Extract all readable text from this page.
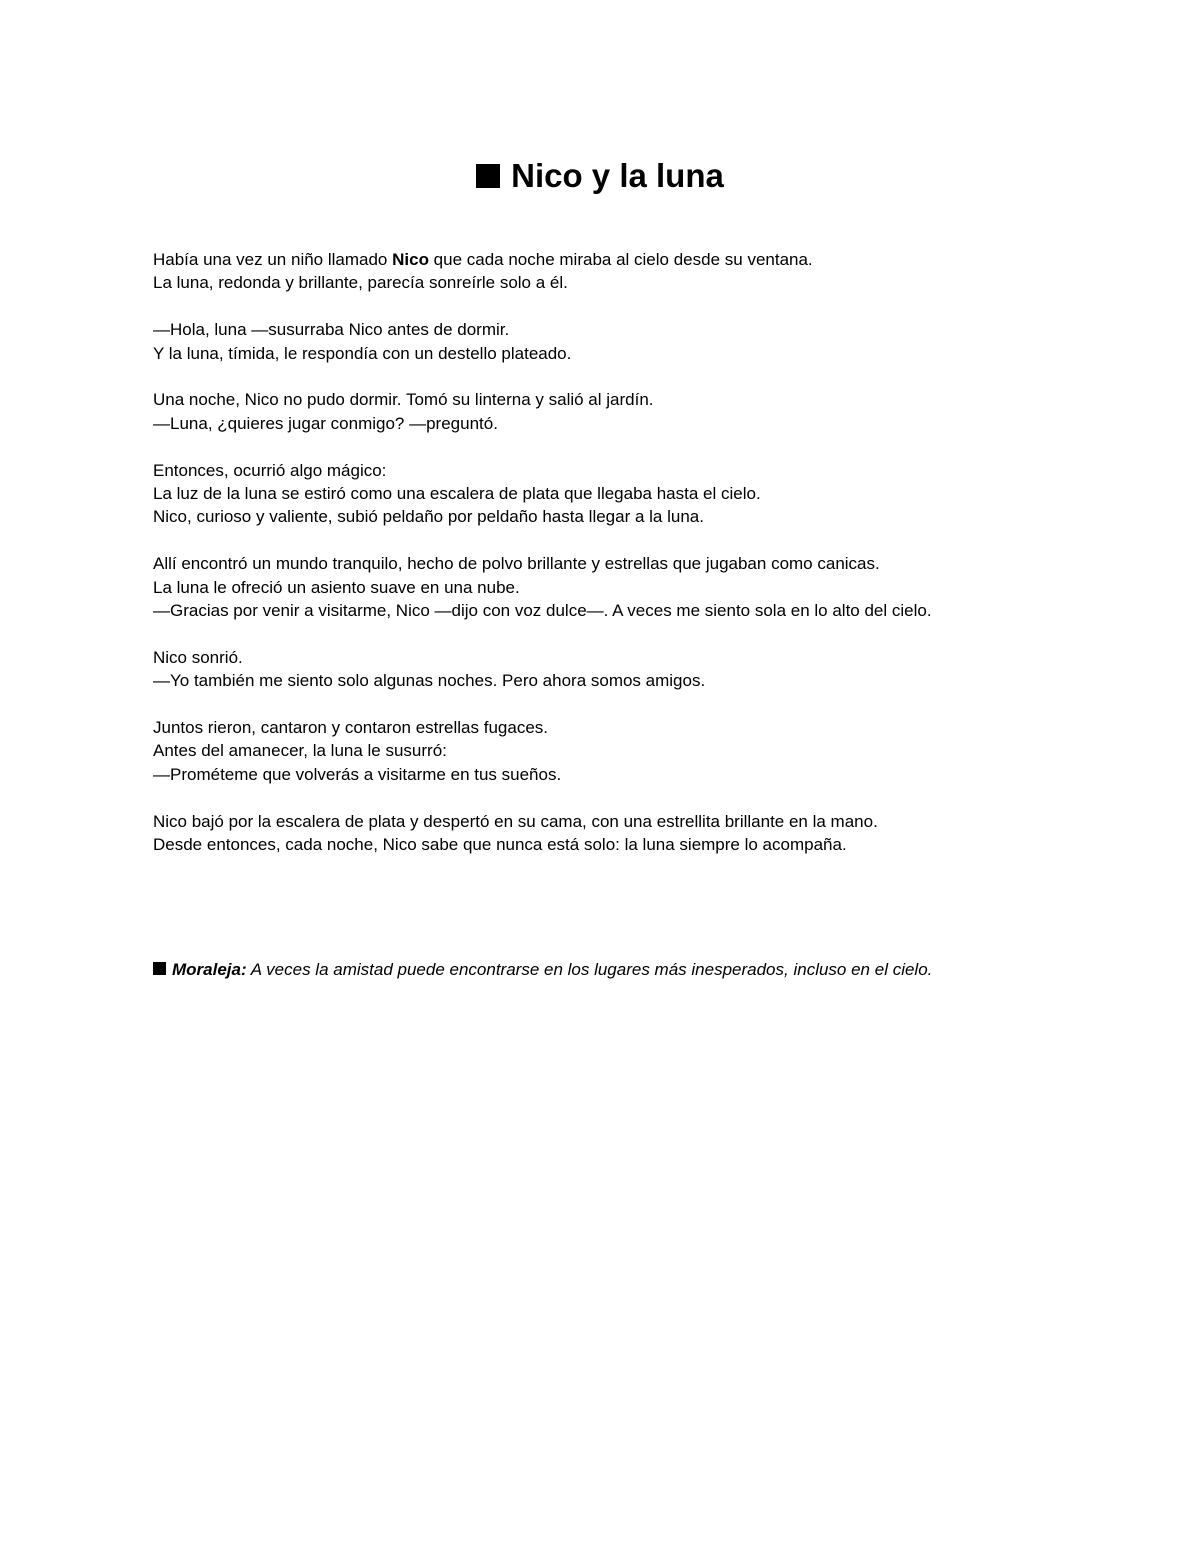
Nico y la luna
Había una vez un niño llamado Nico que cada noche miraba al cielo desde su ventana.
La luna, redonda y brillante, parecía sonreírle solo a él.
—Hola, luna —susurraba Nico antes de dormir.
Y la luna, tímida, le respondía con un destello plateado.
Una noche, Nico no pudo dormir. Tomó su linterna y salió al jardín.
—Luna, ¿quieres jugar conmigo? —preguntó.
Entonces, ocurrió algo mágico:
La luz de la luna se estiró como una escalera de plata que llegaba hasta el cielo.
Nico, curioso y valiente, subió peldaño por peldaño hasta llegar a la luna.
Allí encontró un mundo tranquilo, hecho de polvo brillante y estrellas que jugaban como canicas.
La luna le ofreció un asiento suave en una nube.
—Gracias por venir a visitarme, Nico —dijo con voz dulce—. A veces me siento sola en lo alto del cielo.
Nico sonrió.
—Yo también me siento solo algunas noches. Pero ahora somos amigos.
Juntos rieron, cantaron y contaron estrellas fugaces.
Antes del amanecer, la luna le susurró:
—Prométeme que volverás a visitarme en tus sueños.
Nico bajó por la escalera de plata y despertó en su cama, con una estrellita brillante en la mano.
Desde entonces, cada noche, Nico sabe que nunca está solo: la luna siempre lo acompaña.
Moraleja: A veces la amistad puede encontrarse en los lugares más inesperados, incluso en el cielo.
